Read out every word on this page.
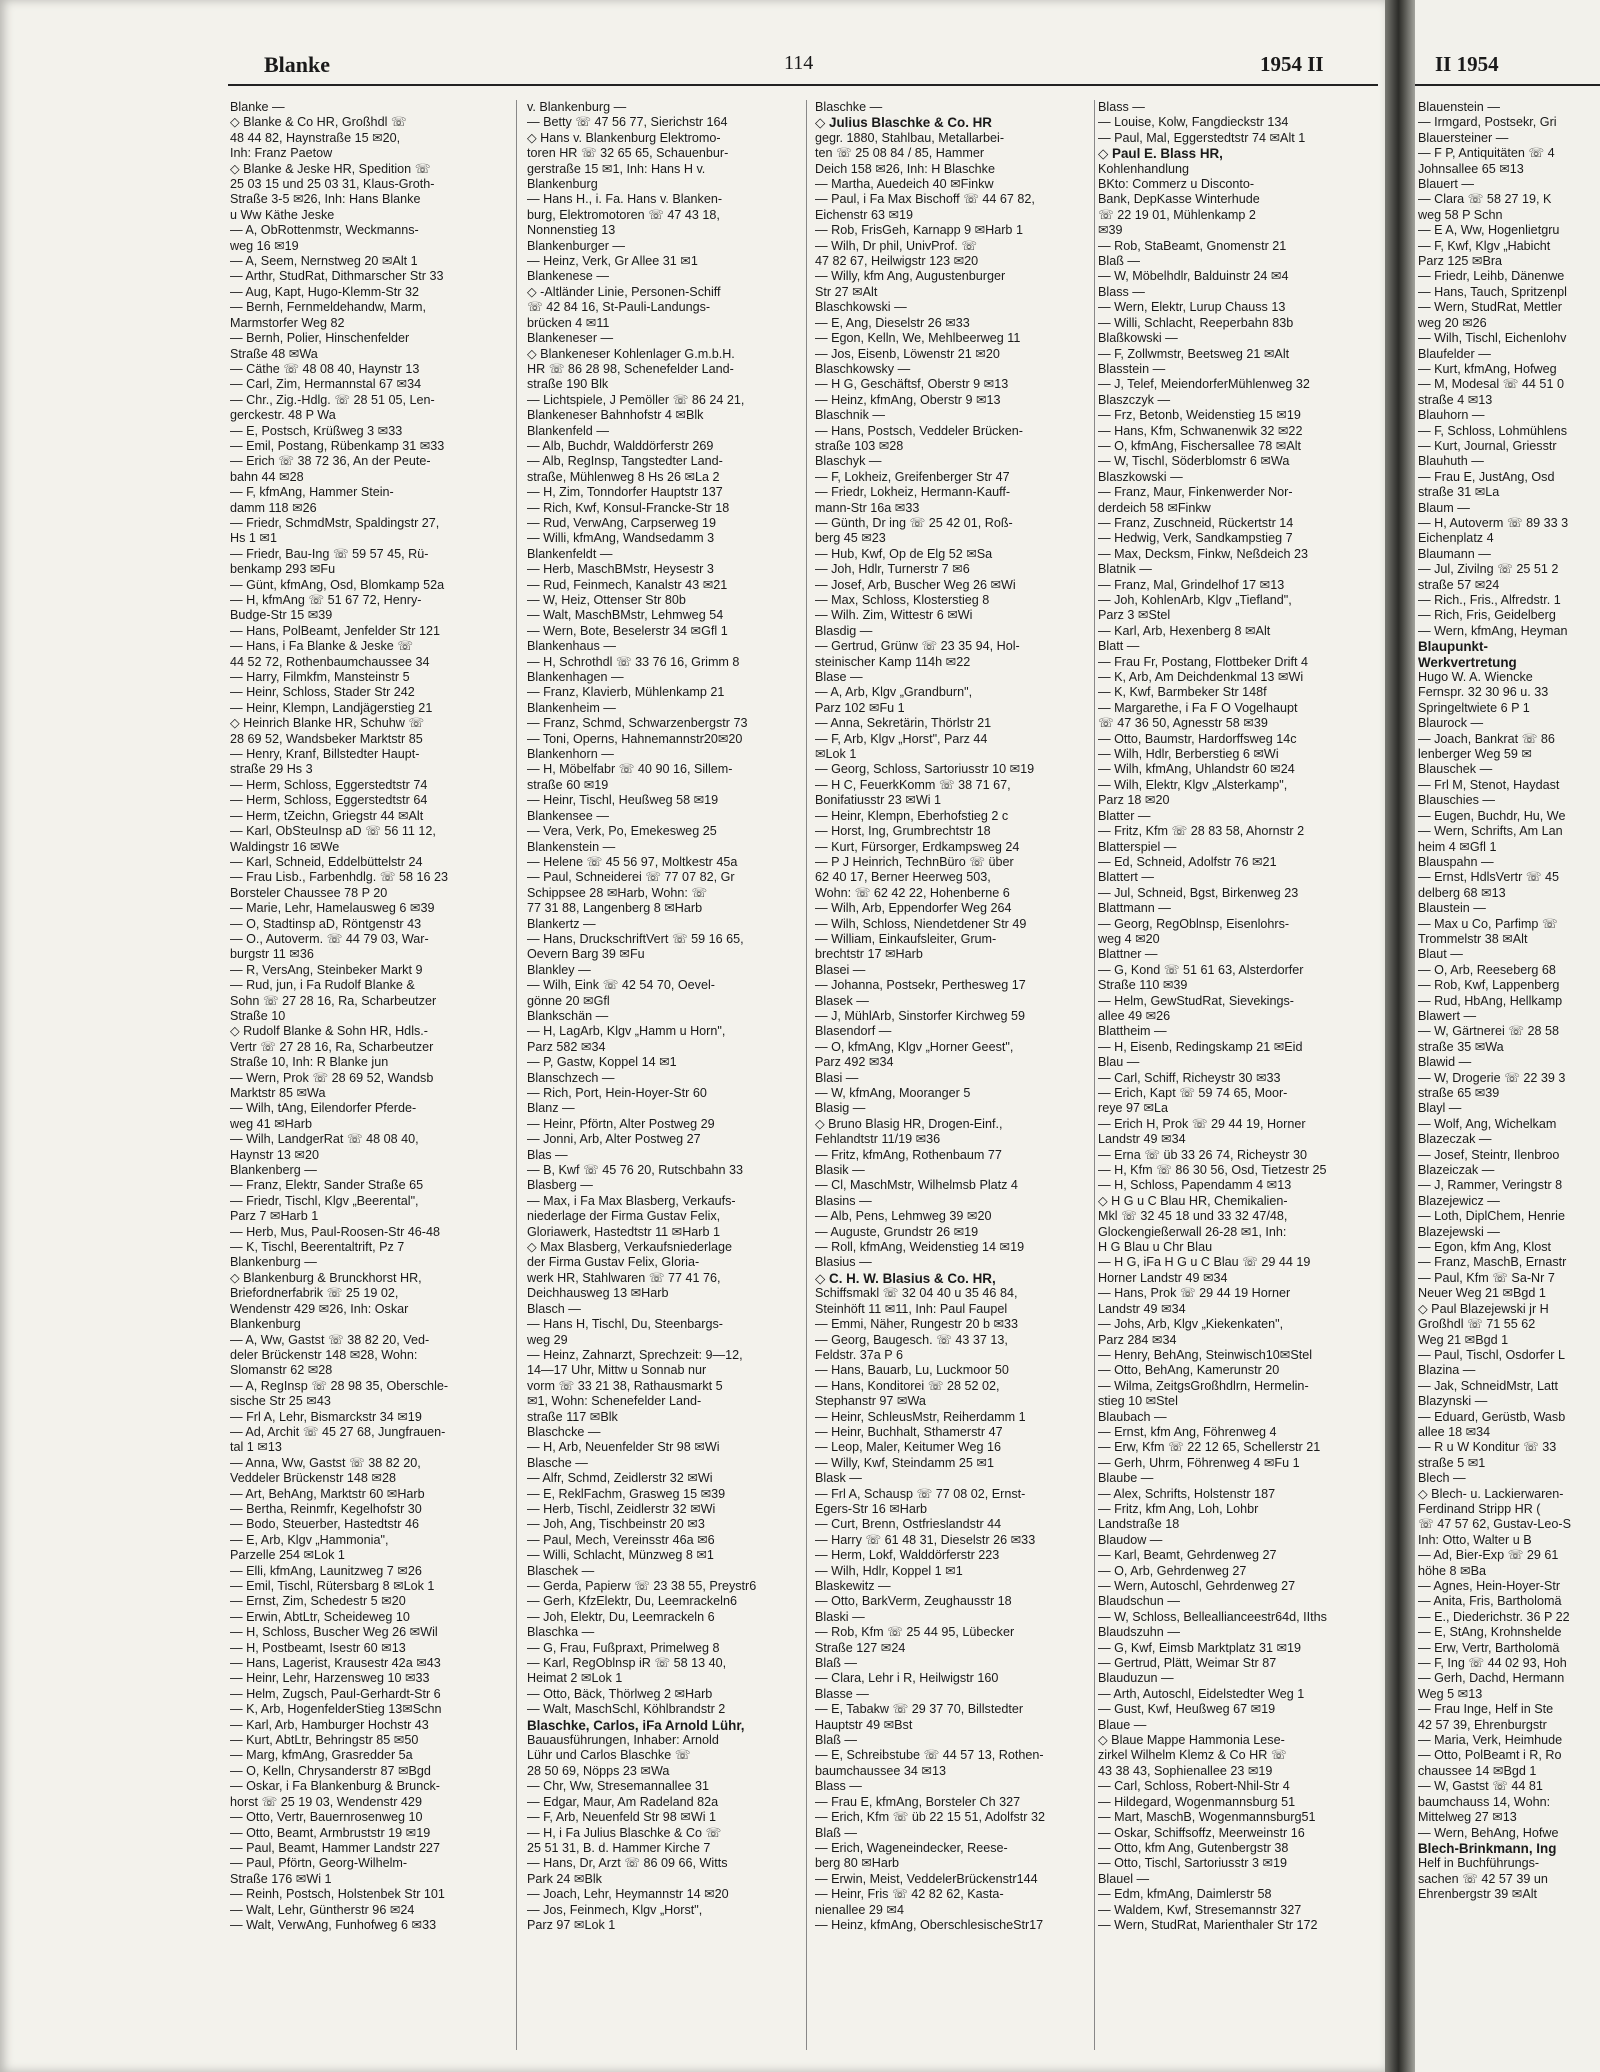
Blanke	114	1954 II
Blanke —
◇ Blanke & Co HR, Großhdl ☏
48 44 82, Haynstraße 15 ✉20,
Inh: Franz Paetow
◇ Blanke & Jeske HR, Spedition ☏
25 03 15 und 25 03 31, Klaus-Groth-
Straße 3-5 ✉26, Inh: Hans Blanke
u Ww Käthe Jeske
— A, ObRottenmstr, Weckmanns-
weg 16 ✉19
— A, Seem, Nernstweg 20 ✉Alt 1
— Arthr, StudRat, Dithmarscher Str 33
— Aug, Kapt, Hugo-Klemm-Str 32
— Bernh, Fernmeldehandw, Marm,
Marmstorfer Weg 82
— Bernh, Polier, Hinschenfelder
Straße 48 ✉Wa
— Cäthe ☏ 48 08 40, Haynstr 13
— Carl, Zim, Hermannstal 67 ✉34
— Chr., Zig.-Hdlg. ☏ 28 51 05, Len-
gerckestr. 48 P Wa
— E, Postsch, Krüßweg 3 ✉33
— Emil, Postang, Rübenkamp 31 ✉33
— Erich ☏ 38 72 36, An der Peute-
bahn 44 ✉28
— F, kfmAng, Hammer Stein-
damm 118 ✉26
— Friedr, SchmdMstr, Spaldingstr 27,
Hs 1 ✉1
— Friedr, Bau-Ing ☏ 59 57 45, Rü-
benkamp 293 ✉Fu
— Günt, kfmAng, Osd, Blomkamp 52a
— H, kfmAng ☏ 51 67 72, Henry-
Budge-Str 15 ✉39
— Hans, PolBeamt, Jenfelder Str 121
— Hans, i Fa Blanke & Jeske ☏
44 52 72, Rothenbaumchaussee 34
— Harry, Filmkfm, Mansteinstr 5
— Heinr, Schloss, Stader Str 242
— Heinr, Klempn, Landjägerstieg 21
◇ Heinrich Blanke HR, Schuhw ☏
28 69 52, Wandsbeker Marktstr 85
— Henry, Kranf, Billstedter Haupt-
straße 29 Hs 3
— Herm, Schloss, Eggerstedtstr 74
— Herm, Schloss, Eggerstedtstr 64
— Herm, tZeichn, Griegstr 44 ✉Alt
— Karl, ObSteuInsp aD ☏ 56 11 12,
Waldingstr 16 ✉We
— Karl, Schneid, Eddelbüttelstr 24
— Frau Lisb., Farbenhdlg. ☏ 58 16 23
Borsteler Chaussee 78 P 20
— Marie, Lehr, Hamelausweg 6 ✉39
— O, Stadtinsp aD, Röntgenstr 43
— O., Autoverm. ☏ 44 79 03, War-
burgstr 11 ✉36
— R, VersAng, Steinbeker Markt 9
— Rud, jun, i Fa Rudolf Blanke &
Sohn ☏ 27 28 16, Ra, Scharbeutzer
Straße 10
◇ Rudolf Blanke & Sohn HR, Hdls.-
Vertr ☏ 27 28 16, Ra, Scharbeutzer
Straße 10, Inh: R Blanke jun
— Wern, Prok ☏ 28 69 52, Wandsb
Marktstr 85 ✉Wa
— Wilh, tAng, Eilendorfer Pferde-
weg 41 ✉Harb
— Wilh, LandgerRat ☏ 48 08 40,
Haynstr 13 ✉20
Blankenberg —
— Franz, Elektr, Sander Straße 65
— Friedr, Tischl, Klgv „Beerental",
Parz 7 ✉Harb 1
— Herb, Mus, Paul-Roosen-Str 46-48
— K, Tischl, Beerentaltrift, Pz 7
Blankenburg —
◇ Blankenburg & Brunckhorst HR,
Briefordnerfabrik ☏ 25 19 02,
Wendenstr 429 ✉26, Inh: Oskar
Blankenburg
— A, Ww, Gastst ☏ 38 82 20, Ved-
deler Brückenstr 148 ✉28, Wohn:
Slomanstr 62 ✉28
— A, RegInsp ☏ 28 98 35, Oberschle-
sische Str 25 ✉43
— Frl A, Lehr, Bismarckstr 34 ✉19
— Ad, Archit ☏ 45 27 68, Jungfrauen-
tal 1 ✉13
— Anna, Ww, Gastst ☏ 38 82 20,
Veddeler Brückenstr 148 ✉28
— Art, BehAng, Marktstr 60 ✉Harb
— Bertha, Reinmfr, Kegelhofstr 30
— Bodo, Steuerber, Hastedtstr 46
— E, Arb, Klgv „Hammonia",
Parzelle 254 ✉Lok 1
— Elli, kfmAng, Launitzweg 7 ✉26
— Emil, Tischl, Rütersbarg 8 ✉Lok 1
— Ernst, Zim, Schedestr 5 ✉20
— Erwin, AbtLtr, Scheideweg 10
— H, Schloss, Buscher Weg 26 ✉Wil
— H, Postbeamt, Isestr 60 ✉13
— Hans, Lagerist, Krausestr 42a ✉43
— Heinr, Lehr, Harzensweg 10 ✉33
— Helm, Zugsch, Paul-Gerhardt-Str 6
— K, Arb, HogenfelderStieg 13✉Schn
— Karl, Arb, Hamburger Hochstr 43
— Kurt, AbtLtr, Behringstr 85 ✉50
— Marg, kfmAng, Grasredder 5a
— O, Kelln, Chrysanderstr 87 ✉Bgd
— Oskar, i Fa Blankenburg & Brunck-
horst ☏ 25 19 03, Wendenstr 429
— Otto, Vertr, Bauernrosenweg 10
— Otto, Beamt, Armbruststr 19 ✉19
— Paul, Beamt, Hammer Landstr 227
— Paul, Pförtn, Georg-Wilhelm-
Straße 176 ✉Wi 1
— Reinh, Postsch, Holstenbek Str 101
— Walt, Lehr, Güntherstr 96 ✉24
— Walt, VerwAng, Funhofweg 6 ✉33
v. Blankenburg —
— Betty ☏ 47 56 77, Sierichstr 164
◇ Hans v. Blankenburg Elektromo-
toren HR ☏ 32 65 65, Schauenbur-
gerstraße 15 ✉1, Inh: Hans H v.
Blankenburg
— Hans H., i. Fa. Hans v. Blanken-
burg, Elektromotoren ☏ 47 43 18,
Nonnenstieg 13
Blankenburger —
— Heinz, Verk, Gr Allee 31 ✉1
Blankenese —
◇ -Altländer Linie, Personen-Schiff
☏ 42 84 16, St-Pauli-Landungs-
brücken 4 ✉11
Blankeneser —
◇ Blankeneser Kohlenlager G.m.b.H.
HR ☏ 86 28 98, Schenefelder Land-
straße 190 Blk
— Lichtspiele, J Pemöller ☏ 86 24 21,
Blankeneser Bahnhofstr 4 ✉Blk
Blankenfeld —
— Alb, Buchdr, Walddörferstr 269
— Alb, RegInsp, Tangstedter Land-
straße, Mühlenweg 8 Hs 26 ✉La 2
— H, Zim, Tonndorfer Hauptstr 137
— Rich, Kwf, Konsul-Francke-Str 18
— Rud, VerwAng, Carpserweg 19
— Willi, kfmAng, Wandsedamm 3
Blankenfeldt —
— Herb, MaschBMstr, Heysestr 3
— Rud, Feinmech, Kanalstr 43 ✉21
— W, Heiz, Ottenser Str 80b
— Walt, MaschBMstr, Lehmweg 54
— Wern, Bote, Beselerstr 34 ✉Gfl 1
Blankenhaus —
— H, Schrothdl ☏ 33 76 16, Grimm 8
Blankenhagen —
— Franz, Klavierb, Mühlenkamp 21
Blankenheim —
— Franz, Schmd, Schwarzenbergstr 73
— Toni, Operns, Hahnemannstr20✉20
Blankenhorn —
— H, Möbelfabr ☏ 40 90 16, Sillem-
straße 60 ✉19
— Heinr, Tischl, Heußweg 58 ✉19
Blankensee —
— Vera, Verk, Po, Emekesweg 25
Blankenstein —
— Helene ☏ 45 56 97, Moltkestr 45a
— Paul, Schneiderei ☏ 77 07 82, Gr
Schippsee 28 ✉Harb, Wohn: ☏
77 31 88, Langenberg 8 ✉Harb
Blankertz —
— Hans, DruckschriftVert ☏ 59 16 65,
Oevern Barg 39 ✉Fu
Blankley —
— Wilh, Eink ☏ 42 54 70, Oevel-
gönne 20 ✉Gfl
Blankschän —
— H, LagArb, Klgv „Hamm u Horn",
Parz 582 ✉34
— P, Gastw, Koppel 14 ✉1
Blanschzech —
— Rich, Port, Hein-Hoyer-Str 60
Blanz —
— Heinr, Pförtn, Alter Postweg 29
— Jonni, Arb, Alter Postweg 27
Blas —
— B, Kwf ☏ 45 76 20, Rutschbahn 33
Blasberg —
— Max, i Fa Max Blasberg, Verkaufs-
niederlage der Firma Gustav Felix,
Gloriawerk, Hastedtstr 11 ✉Harb 1
◇ Max Blasberg, Verkaufsniederlage
der Firma Gustav Felix, Gloria-
werk HR, Stahlwaren ☏ 77 41 76,
Deichhausweg 13 ✉Harb
Blasch —
— Hans H, Tischl, Du, Steenbargs-
weg 29
— Heinz, Zahnarzt, Sprechzeit: 9—12,
14—17 Uhr, Mittw u Sonnab nur
vorm ☏ 33 21 38, Rathausmarkt 5
✉1, Wohn: Schenefelder Land-
straße 117 ✉Blk
Blaschcke —
— H, Arb, Neuenfelder Str 98 ✉Wi
Blasche —
— Alfr, Schmd, Zeidlerstr 32 ✉Wi
— E, ReklFachm, Grasweg 15 ✉39
— Herb, Tischl, Zeidlerstr 32 ✉Wi
— Joh, Ang, Tischbeinstr 20 ✉3
— Paul, Mech, Vereinsstr 46a ✉6
— Willi, Schlacht, Münzweg 8 ✉1
Blaschek —
— Gerda, Papierw ☏ 23 38 55, Preystr6
— Gerh, KfzElektr, Du, Leemrackeln6
— Joh, Elektr, Du, Leemrackeln 6
Blaschka —
— G, Frau, Fußpraxt, Primelweg 8
— Karl, RegOblnsp iR ☏ 58 13 40,
Heimat 2 ✉Lok 1
— Otto, Bäck, Thörlweg 2 ✉Harb
— Walt, MaschSchl, Köhlbrandstr 2
Blaschke, Carlos, iFa Arnold Lühr,
Bauausführungen, Inhaber: Arnold
Lühr und Carlos Blaschke ☏
28 50 69, Nöpps 23 ✉Wa
— Chr, Ww, Stresemannallee 31
— Edgar, Maur, Am Radeland 82a
— F, Arb, Neuenfeld Str 98 ✉Wi 1
— H, i Fa Julius Blaschke & Co ☏
25 51 31, B. d. Hammer Kirche 7
— Hans, Dr, Arzt ☏ 86 09 66, Witts
Park 24 ✉Blk
— Joach, Lehr, Heymannstr 14 ✉20
— Jos, Feinmech, Klgv „Horst",
Parz 97 ✉Lok 1
Blaschke —
◇ Julius Blaschke & Co. HR
gegr. 1880, Stahlbau, Metallarbei-
ten ☏ 25 08 84 / 85, Hammer
Deich 158 ✉26, Inh: H Blaschke
— Martha, Auedeich 40 ✉Finkw
— Paul, i Fa Max Bischoff ☏ 44 67 82,
Eichenstr 63 ✉19
— Rob, FrisGeh, Karnapp 9 ✉Harb 1
— Wilh, Dr phil, UnivProf. ☏
47 82 67, Heilwigstr 123 ✉20
— Willy, kfm Ang, Augustenburger
Str 27 ✉Alt
Blaschkowski —
— E, Ang, Dieselstr 26 ✉33
— Egon, Kelln, We, Mehlbeerweg 11
— Jos, Eisenb, Löwenstr 21 ✉20
Blaschkowsky —
— H G, Geschäftsf, Oberstr 9 ✉13
— Heinz, kfmAng, Oberstr 9 ✉13
Blaschnik —
— Hans, Postsch, Veddeler Brücken-
straße 103 ✉28
Blaschyk —
— F, Lokheiz, Greifenberger Str 47
— Friedr, Lokheiz, Hermann-Kauff-
mann-Str 16a ✉33
— Günth, Dr ing ☏ 25 42 01, Roß-
berg 45 ✉23
— Hub, Kwf, Op de Elg 52 ✉Sa
— Joh, Hdlr, Turnerstr 7 ✉6
— Josef, Arb, Buscher Weg 26 ✉Wi
— Max, Schloss, Klosterstieg 8
— Wilh. Zim, Wittestr 6 ✉Wi
Blasdig —
— Gertrud, Grünw ☏ 23 35 94, Hol-
steinischer Kamp 114h ✉22
Blase —
— A, Arb, Klgv „Grandburn",
Parz 102 ✉Fu 1
— Anna, Sekretärin, Thörlstr 21
— F, Arb, Klgv „Horst", Parz 44
✉Lok 1
— Georg, Schloss, Sartoriusstr 10 ✉19
— H C, FeuerkKomm ☏ 38 71 67,
Bonifatiusstr 23 ✉Wi 1
— Heinr, Klempn, Eberhofstieg 2 c
— Horst, Ing, Grumbrechtstr 18
— Kurt, Fürsorger, Erdkampsweg 24
— P J Heinrich, TechnBüro ☏ über
62 40 17, Berner Heerweg 503,
Wohn: ☏ 62 42 22, Hohenberne 6
— Wilh, Arb, Eppendorfer Weg 264
— Wilh, Schloss, Niendetdener Str 49
— William, Einkaufsleiter, Grum-
brechtstr 17 ✉Harb
Blasei —
— Johanna, Postsekr, Perthesweg 17
Blasek —
— J, MühlArb, Sinstorfer Kirchweg 59
Blasendorf —
— O, kfmAng, Klgv „Horner Geest",
Parz 492 ✉34
Blasi —
— W, kfmAng, Mooranger 5
Blasig —
◇ Bruno Blasig HR, Drogen-Einf.,
Fehlandtstr 11/19 ✉36
— Fritz, kfmAng, Rothenbaum 77
Blasik —
— Cl, MaschMstr, Wilhelmsb Platz 4
Blasins —
— Alb, Pens, Lehmweg 39 ✉20
— Auguste, Grundstr 26 ✉19
— Roll, kfmAng, Weidenstieg 14 ✉19
Blasius —
◇ C. H. W. Blasius & Co. HR,
Schiffsmakl ☏ 32 04 40 u 35 46 84,
Steinhöft 11 ✉11, Inh: Paul Faupel
— Emmi, Näher, Rungestr 20 b ✉33
— Georg, Baugesch. ☏ 43 37 13,
Feldstr. 37a P 6
— Hans, Bauarb, Lu, Luckmoor 50
— Hans, Konditorei ☏ 28 52 02,
Stephanstr 97 ✉Wa
— Heinr, SchleusMstr, Reiherdamm 1
— Heinr, Buchhalt, Sthamerstr 47
— Leop, Maler, Keitumer Weg 16
— Willy, Kwf, Steindamm 25 ✉1
Blask —
— Frl A, Schausp ☏ 77 08 02, Ernst-
Egers-Str 16 ✉Harb
— Curt, Brenn, Ostfrieslandstr 44
— Harry ☏ 61 48 31, Dieselstr 26 ✉33
— Herm, Lokf, Walddörferstr 223
— Wilh, Hdlr, Koppel 1 ✉1
Blaskewitz —
— Otto, BarkVerm, Zeughausstr 18
Blaski —
— Rob, Kfm ☏ 25 44 95, Lübecker
Straße 127 ✉24
Blaß —
— Clara, Lehr i R, Heilwigstr 160
Blasse —
— E, Tabakw ☏ 29 37 70, Billstedter
Hauptstr 49 ✉Bst
Blaß —
— E, Schreibstube ☏ 44 57 13, Rothen-
baumchaussee 34 ✉13
Blass —
— Frau E, kfmAng, Borsteler Ch 327
— Erich, Kfm ☏ üb 22 15 51, Adolfstr 32
Blaß —
— Erich, Wageneindecker, Reese-
berg 80 ✉Harb
— Erwin, Meist, VeddelerBrückenstr144
— Heinr, Fris ☏ 42 82 62, Kasta-
nienallee 29 ✉4
— Heinz, kfmAng, OberschlesischeStr17
Blass —
— Louise, Kolw, Fangdieckstr 134
— Paul, Mal, Eggerstedtstr 74 ✉Alt 1
◇ Paul E. Blass HR,
Kohlenhandlung
BKto: Commerz u Disconto-
Bank, DepKasse Winterhude
☏ 22 19 01, Mühlenkamp 2
✉39
— Rob, StaBeamt, Gnomenstr 21
Blaß —
— W, Möbelhdlr, Balduinstr 24 ✉4
Blass —
— Wern, Elektr, Lurup Chauss 13
— Willi, Schlacht, Reeperbahn 83b
Blaßkowski —
— F, Zollwmstr, Beetsweg 21 ✉Alt
Blasstein —
— J, Telef, MeiendorferMühlenweg 32
Blaszczyk —
— Frz, Betonb, Weidenstieg 15 ✉19
— Hans, Kfm, Schwanenwik 32 ✉22
— O, kfmAng, Fischersallee 78 ✉Alt
— W, Tischl, Söderblomstr 6 ✉Wa
Blaszkowski —
— Franz, Maur, Finkenwerder Nor-
derdeich 58 ✉Finkw
— Franz, Zuschneid, Rückertstr 14
— Hedwig, Verk, Sandkampstieg 7
— Max, Decksm, Finkw, Neßdeich 23
Blatnik —
— Franz, Mal, Grindelhof 17 ✉13
— Joh, KohlenArb, Klgv „Tiefland",
Parz 3 ✉Stel
— Karl, Arb, Hexenberg 8 ✉Alt
Blatt —
— Frau Fr, Postang, Flottbeker Drift 4
— K, Arb, Am Deichdenkmal 13 ✉Wi
— K, Kwf, Barmbeker Str 148f
— Margarethe, i Fa F O Vogelhaupt
☏ 47 36 50, Agnesstr 58 ✉39
— Otto, Baumstr, Hardorffsweg 14c
— Wilh, Hdlr, Berberstieg 6 ✉Wi
— Wilh, kfmAng, Uhlandstr 60 ✉24
— Wilh, Elektr, Klgv „Alsterkamp",
Parz 18 ✉20
Blatter —
— Fritz, Kfm ☏ 28 83 58, Ahornstr 2
Blatterspiel —
— Ed, Schneid, Adolfstr 76 ✉21
Blattert —
— Jul, Schneid, Bgst, Birkenweg 23
Blattmann —
— Georg, RegOblnsp, Eisenlohrs-
weg 4 ✉20
Blattner —
— G, Kond ☏ 51 61 63, Alsterdorfer
Straße 110 ✉39
— Helm, GewStudRat, Sievekings-
allee 49 ✉26
Blattheim —
— H, Eisenb, Redingskamp 21 ✉Eid
Blau —
— Carl, Schiff, Richeystr 30 ✉33
— Erich, Kapt ☏ 59 74 65, Moor-
reye 97 ✉La
— Erich H, Prok ☏ 29 44 19, Horner
Landstr 49 ✉34
— Erna ☏ üb 33 26 74, Richeystr 30
— H, Kfm ☏ 86 30 56, Osd, Tietzestr 25
— H, Schloss, Papendamm 4 ✉13
◇ H G u C Blau HR, Chemikalien-
Mkl ☏ 32 45 18 und 33 32 47/48,
Glockengießerwall 26-28 ✉1, Inh:
H G Blau u Chr Blau
— H G, iFa H G u C Blau ☏ 29 44 19
Horner Landstr 49 ✉34
— Hans, Prok ☏ 29 44 19 Horner
Landstr 49 ✉34
— Johs, Arb, Klgv „Kiekenkaten",
Parz 284 ✉34
— Henry, BehAng, Steinwisch10✉Stel
— Otto, BehAng, Kamerunstr 20
— Wilma, ZeitgsGroßhdlrn, Hermelin-
stieg 10 ✉Stel
Blaubach —
— Ernst, kfm Ang, Föhrenweg 4
— Erw, Kfm ☏ 22 12 65, Schellerstr 21
— Gerh, Uhrm, Föhrenweg 4 ✉Fu 1
Blaube —
— Alex, Schrifts, Holstenstr 187
— Fritz, kfm Ang, Loh, Lohbr
Landstraße 18
Blaudow —
— Karl, Beamt, Gehrdenweg 27
— O, Arb, Gehrdenweg 27
— Wern, Autoschl, Gehrdenweg 27
Blaudschun —
— W, Schloss, Belleallianceestr64d, IIths
Blaudszuhn —
— G, Kwf, Eimsb Marktplatz 31 ✉19
— Gertrud, Plätt, Weimar Str 87
Blauduzun —
— Arth, Autoschl, Eidelstedter Weg 1
— Gust, Kwf, Heußweg 67 ✉19
Blaue —
◇ Blaue Mappe Hammonia Lese-
zirkel Wilhelm Klemz & Co HR ☏
43 38 43, Sophienallee 23 ✉19
— Carl, Schloss, Robert-Nhil-Str 4
— Hildegard, Wogenmannsburg 51
— Mart, MaschB, Wogenmannsburg51
— Oskar, Schiffsoffz, Meerweinstr 16
— Otto, kfm Ang, Gutenbergstr 38
— Otto, Tischl, Sartoriusstr 3 ✉19
Blauel —
— Edm, kfmAng, Daimlerstr 58
— Waldem, Kwf, Stresemannstr 327
— Wern, StudRat, Marienthaler Str 172
II 1954
Blauenstein —
— Irmgard, Postsekr, Gri
Blauersteiner —
— F P, Antiquitäten ☏ 4
Johnsallee 65 ✉13
Blauert —
— Clara ☏ 58 27 19, K
weg 58 P Schn
— E A, Ww, Hogenlietgru
— F, Kwf, Klgv „Habicht
Parz 125 ✉Bra
— Friedr, Leihb, Dänenwe
— Hans, Tauch, Spritzenpl
— Wern, StudRat, Mettler
weg 20 ✉26
— Wilh, Tischl, Eichenlohv
Blaufelder —
— Kurt, kfmAng, Hofweg
— M, Modesal ☏ 44 51 0
straße 4 ✉13
Blauhorn —
— F, Schloss, Lohmühlens
— Kurt, Journal, Griesstr
Blauhuth —
— Frau E, JustAng, Osd
straße 31 ✉La
Blaum —
— H, Autoverm ☏ 89 33 3
Eichenplatz 4
Blaumann —
— Jul, Zivilng ☏ 25 51 2
straße 57 ✉24
— Rich., Fris., Alfredstr. 1
— Rich, Fris, Geidelberg
— Wern, kfmAng, Heyman
Blaupunkt-
Werkvertretung
Hugo W. A. Wiencke
Fernspr. 32 30 96 u. 33
Springeltwiete 6 P 1
Blaurock —
— Joach, Bankrat ☏ 86
lenberger Weg 59 ✉
Blauschek —
— Frl M, Stenot, Haydast
Blauschies —
— Eugen, Buchdr, Hu, We
— Wern, Schrifts, Am Lan
heim 4 ✉Gfl 1
Blauspahn —
— Ernst, HdlsVertr ☏ 45
delberg 68 ✉13
Blaustein —
— Max u Co, Parfimp ☏
Trommelstr 38 ✉Alt
Blaut —
— O, Arb, Reeseberg 68
— Rob, Kwf, Lappenberg
— Rud, HbAng, Hellkamp
Blawert —
— W, Gärtnerei ☏ 28 58
straße 35 ✉Wa
Blawid —
— W, Drogerie ☏ 22 39 3
straße 65 ✉39
Blayl —
— Wolf, Ang, Wichelkam
Blazeczak —
— Josef, Steintr, Ilenbroo
Blazeiczak —
— J, Rammer, Veringstr 8
Blazejewicz —
— Loth, DiplChem, Henrie
Blazejewski —
— Egon, kfm Ang, Klost
— Franz, MaschB, Ernastr
— Paul, Kfm ☏ Sa-Nr 7
Neuer Weg 21 ✉Bgd 1
◇ Paul Blazejewski jr H
Großhdl ☏ 71 55 62
Weg 21 ✉Bgd 1
— Paul, Tischl, Osdorfer L
Blazina —
— Jak, SchneidMstr, Latt
Blazynski —
— Eduard, Gerüstb, Wasb
allee 18 ✉34
— R u W Konditur ☏ 33
straße 5 ✉1
Blech —
◇ Blech- u. Lackierwaren-
Ferdinand Stripp HR (
☏ 47 57 62, Gustav-Leo-S
Inh: Otto, Walter u B
— Ad, Bier-Exp ☏ 29 61
höhe 8 ✉Ba
— Agnes, Hein-Hoyer-Str
— Anita, Fris, Bartholomä
— E., Diederichstr. 36 P 22
— E, StAng, Krohnshelde
— Erw, Vertr, Bartholomä
— F, Ing ☏ 44 02 93, Hoh
— Gerh, Dachd, Hermann
Weg 5 ✉13
— Frau Inge, Helf in Ste
42 57 39, Ehrenburgstr
— Maria, Verk, Heimhude
— Otto, PolBeamt i R, Ro
chaussee 14 ✉Bgd 1
— W, Gastst ☏ 44 81
baumchauss 14, Wohn:
Mittelweg 27 ✉13
— Wern, BehAng, Hofwe
Blech-Brinkmann, Ing
Helf in Buchführungs-
sachen ☏ 42 57 39 un
Ehrenbergstr 39 ✉Alt
